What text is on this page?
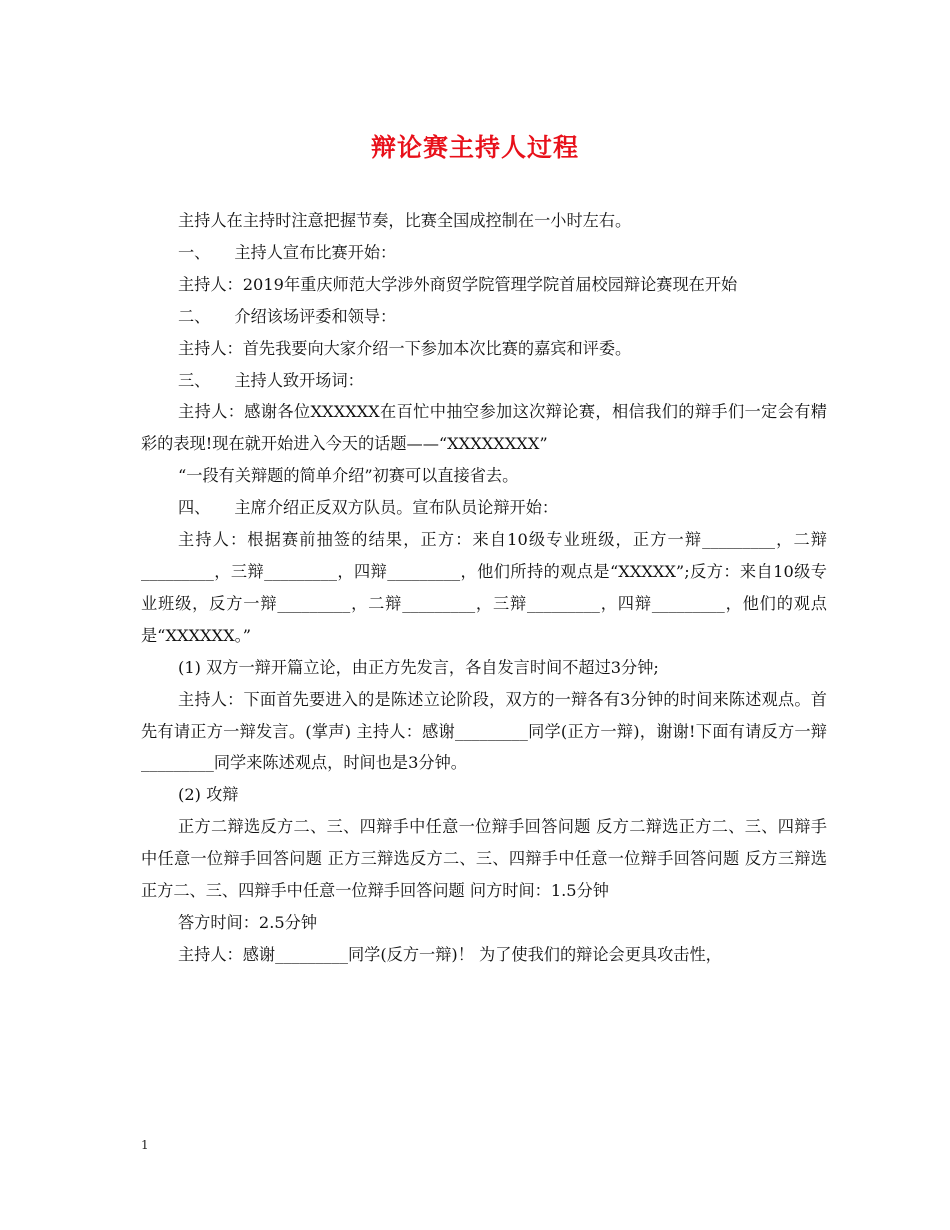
辩论赛主持人过程

主持人在主持时注意把握节奏，比赛全国成控制在一小时左右。

一、 主持人宣布比赛开始：

主持人：2019年重庆师范大学涉外商贸学院管理学院首届校园辩论赛现在开始

二、 介绍该场评委和领导：

主持人：首先我要向大家介绍一下参加本次比赛的嘉宾和评委。

三、 主持人致开场词：

主持人：感谢各位XXXXXX在百忙中抽空参加这次辩论赛，相信我们的辩手们一定会有精彩的表现!现在就开始进入今天的话题——“XXXXXXXX”

“一段有关辩题的简单介绍”初赛可以直接省去。

四、 主席介绍正反双方队员。宣布队员论辩开始：

主持人：根据赛前抽签的结果，正方：来自10级专业班级，正方一辩_________，二辩_________，三辩_________，四辩_________，他们所持的观点是“XXXXX”;反方：来自10级专业班级，反方一辩_________，二辩_________，三辩_________，四辩_________，他们的观点是“XXXXXX。”

(1) 双方一辩开篇立论，由正方先发言，各自发言时间不超过3分钟;

主持人：下面首先要进入的是陈述立论阶段，双方的一辩各有3分钟的时间来陈述观点。首先有请正方一辩发言。(掌声) 主持人：感谢_________同学(正方一辩)，谢谢!下面有请反方一辩_________同学来陈述观点，时间也是3分钟。

(2) 攻辩

正方二辩选反方二、三、四辩手中任意一位辩手回答问题 反方二辩选正方二、三、四辩手中任意一位辩手回答问题 正方三辩选反方二、三、四辩手中任意一位辩手回答问题 反方三辩选正方二、三、四辩手中任意一位辩手回答问题 问方时间：1.5分钟

答方时间：2.5分钟

主持人：感谢_________同学(反方一辩)！ 为了使我们的辩论会更具攻击性，

1
